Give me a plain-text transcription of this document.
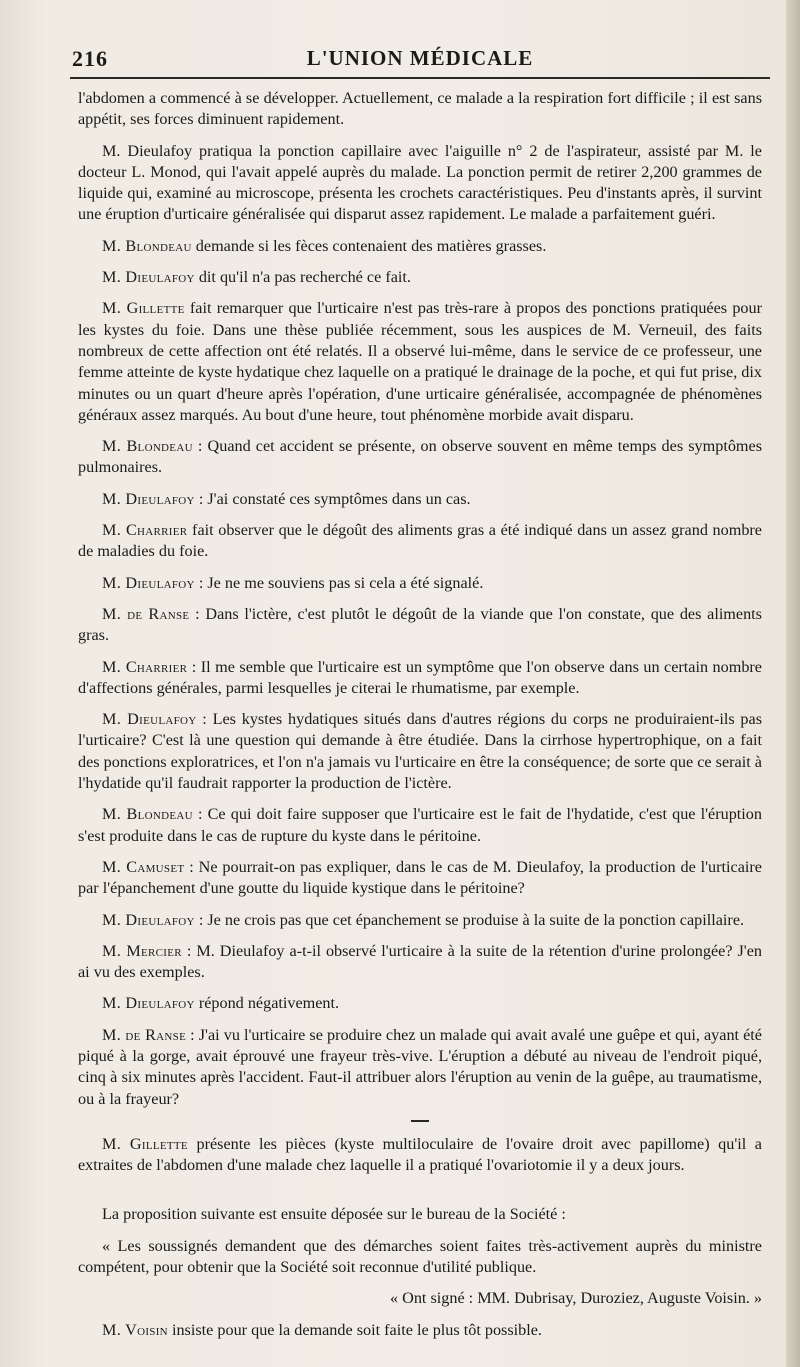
216	L'UNION MÉDICALE

l'abdomen a commencé à se développer. Actuellement, ce malade a la respiration fort difficile ; il est sans appétit, ses forces diminuent rapidement.

M. Dieulafoy pratiqua la ponction capillaire avec l'aiguille n° 2 de l'aspirateur, assisté par M. le docteur L. Monod, qui l'avait appelé auprès du malade. La ponction permit de retirer 2,200 grammes de liquide qui, examiné au microscope, présenta les crochets caractéristiques. Peu d'instants après, il survint une éruption d'urticaire généralisée qui disparut assez rapidement. Le malade a parfaitement guéri.

M. Blondeau demande si les fèces contenaient des matières grasses.

M. Dieulafoy dit qu'il n'a pas recherché ce fait.

M. Gillette fait remarquer que l'urticaire n'est pas très-rare à propos des ponctions pratiquées pour les kystes du foie. Dans une thèse publiée récemment, sous les auspices de M. Verneuil, des faits nombreux de cette affection ont été relatés. Il a observé lui-même, dans le service de ce professeur, une femme atteinte de kyste hydatique chez laquelle on a pratiqué le drainage de la poche, et qui fut prise, dix minutes ou un quart d'heure après l'opération, d'une urticaire généralisée, accompagnée de phénomènes généraux assez marqués. Au bout d'une heure, tout phénomène morbide avait disparu.

M. Blondeau : Quand cet accident se présente, on observe souvent en même temps des symptômes pulmonaires.

M. Dieulafoy : J'ai constaté ces symptômes dans un cas.

M. Charrier fait observer que le dégoût des aliments gras a été indiqué dans un assez grand nombre de maladies du foie.

M. Dieulafoy : Je ne me souviens pas si cela a été signalé.

M. de Ranse : Dans l'ictère, c'est plutôt le dégoût de la viande que l'on constate, que des aliments gras.

M. Charrier : Il me semble que l'urticaire est un symptôme que l'on observe dans un certain nombre d'affections générales, parmi lesquelles je citerai le rhumatisme, par exemple.

M. Dieulafoy : Les kystes hydatiques situés dans d'autres régions du corps ne produiraient-ils pas l'urticaire? C'est là une question qui demande à être étudiée. Dans la cirrhose hypertrophique, on a fait des ponctions exploratrices, et l'on n'a jamais vu l'urticaire en être la conséquence; de sorte que ce serait à l'hydatide qu'il faudrait rapporter la production de l'ictère.

M. Blondeau : Ce qui doit faire supposer que l'urticaire est le fait de l'hydatide, c'est que l'éruption s'est produite dans le cas de rupture du kyste dans le péritoine.

M. Camuset : Ne pourrait-on pas expliquer, dans le cas de M. Dieulafoy, la production de l'urticaire par l'épanchement d'une goutte du liquide kystique dans le péritoine?

M. Dieulafoy : Je ne crois pas que cet épanchement se produise à la suite de la ponction capillaire.

M. Mercier : M. Dieulafoy a-t-il observé l'urticaire à la suite de la rétention d'urine prolongée? J'en ai vu des exemples.

M. Dieulafoy répond négativement.

M. de Ranse : J'ai vu l'urticaire se produire chez un malade qui avait avalé une guêpe et qui, ayant été piqué à la gorge, avait éprouvé une frayeur très-vive. L'éruption a débuté au niveau de l'endroit piqué, cinq à six minutes après l'accident. Faut-il attribuer alors l'éruption au venin de la guêpe, au traumatisme, ou à la frayeur?

M. Gillette présente les pièces (kyste multiloculaire de l'ovaire droit avec papillome) qu'il a extraites de l'abdomen d'une malade chez laquelle il a pratiqué l'ovariotomie il y a deux jours.

La proposition suivante est ensuite déposée sur le bureau de la Société :

« Les soussignés demandent que des démarches soient faites très-activement auprès du ministre compétent, pour obtenir que la Société soit reconnue d'utilité publique.

« Ont signé : MM. Dubrisay, Duroziez, Auguste Voisin. »

M. Voisin insiste pour que la demande soit faite le plus tôt possible.
